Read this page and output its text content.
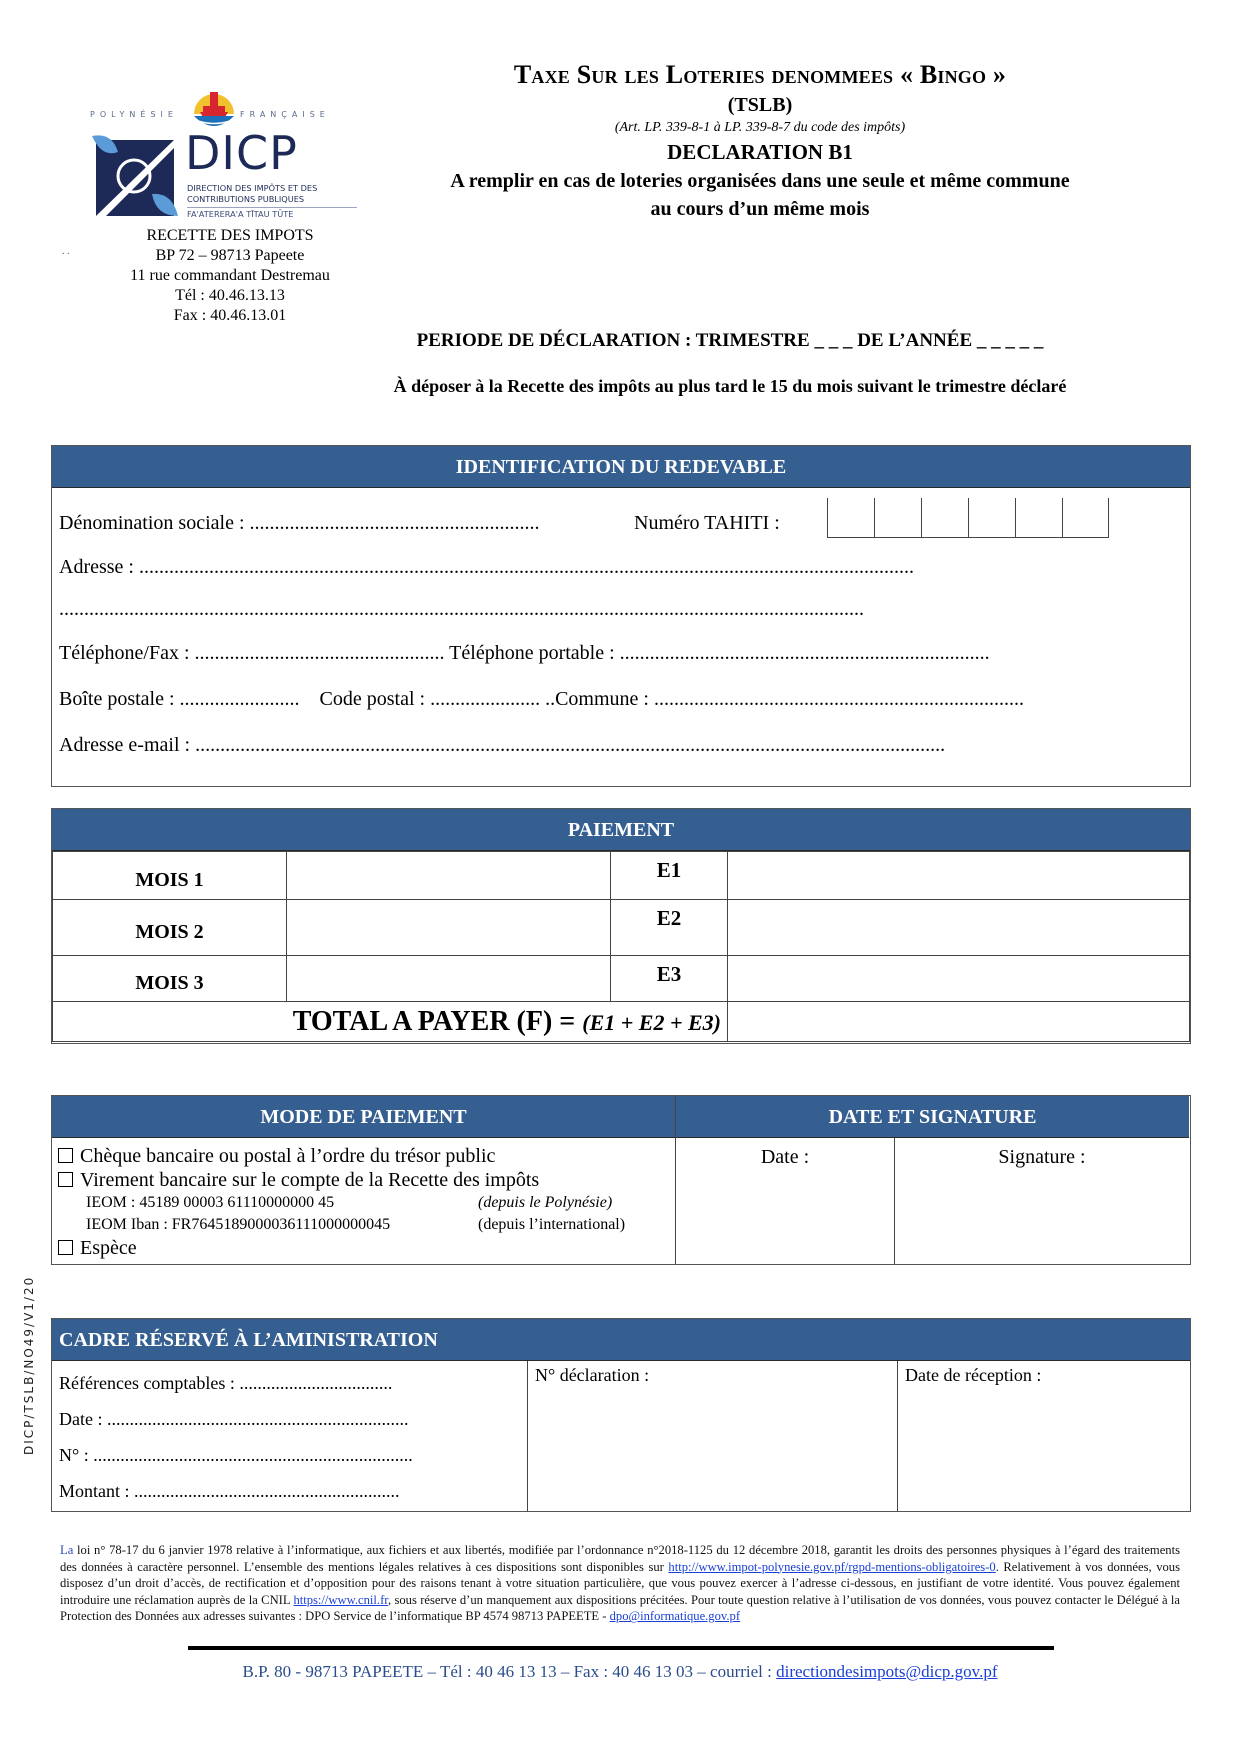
POLYNÉSIE	FRANÇAISE
DICP
DIRECTION DES IMPÔTS ET DES
CONTRIBUTIONS PUBLIQUES
FA'ATERERA'A TĪTAU TŪTE
. .
RECETTE DES IMPOTS
BP 72 – 98713 Papeete
11 rue commandant Destremau
Tél : 40.46.13.13
Fax : 40.46.13.01
Taxe Sur les Loteries denommees « Bingo »
(TSLB)
(Art. LP. 339-8-1 à LP. 339-8-7 du code des impôts)
DECLARATION B1
A remplir en cas de loteries organisées dans une seule et même commune
au cours d’un même mois
PERIODE DE DÉCLARATION : TRIMESTRE _ _ _ DE L’ANNÉE _ _ _ _ _
À déposer à la Recette des impôts au plus tard le 15 du mois suivant le trimestre déclaré
IDENTIFICATION DU REDEVABLE
Dénomination sociale : ..........................................................	Numéro TAHITI :
Adresse : ...........................................................................................................................................................
.................................................................................................................................................................
Téléphone/Fax : .................................................. Téléphone portable : ..........................................................................
Boîte postale : ........................ Code postal : ...................... ..Commune : ..........................................................................
Adresse e-mail : ......................................................................................................................................................
PAIEMENT
MOIS 1		E1	
MOIS 2		E2	
MOIS 3		E3	
TOTAL A PAYER (F) = (E1 + E2 + E3)			
MODE DE PAIEMENT
Chèque bancaire ou postal à l’ordre du trésor public
Virement bancaire sur le compte de la Recette des impôts
IEOM : 45189 00003 61110000000 45	(depuis le Polynésie)
IEOM Iban : FR7645189000036111000000045	(depuis l’international)
Espèce
DATE ET SIGNATURE
Date :	Signature :
CADRE RÉSERVÉ À L’AMINISTRATION
Références comptables : ..................................
Date : ...................................................................
N° : .......................................................................
Montant : ...........................................................
N° déclaration :	Date de réception :
DICP/TSLB/NO49/V1/20
La loi n° 78-17 du 6 janvier 1978 relative à l’informatique, aux fichiers et aux libertés, modifiée par l’ordonnance n°2018-1125 du 12 décembre 2018, garantit les droits des personnes physiques à l’égard des traitements des données à caractère personnel. L’ensemble des mentions légales relatives à ces dispositions sont disponibles sur http://www.impot-polynesie.gov.pf/rgpd-mentions-obligatoires-0. Relativement à vos données, vous disposez d’un droit d’accès, de rectification et d’opposition pour des raisons tenant à votre situation particulière, que vous pouvez exercer à l’adresse ci-dessous, en justifiant de votre identité. Vous pouvez également introduire une réclamation auprès de la CNIL https://www.cnil.fr, sous réserve d’un manquement aux dispositions précitées. Pour toute question relative à l’utilisation de vos données, vous pouvez contacter le Délégué à la Protection des Données aux adresses suivantes : DPO Service de l’informatique BP 4574 98713 PAPEETE - dpo@informatique.gov.pf
B.P. 80 - 98713 PAPEETE – Tél : 40 46 13 13 – Fax : 40 46 13 03 – courriel : directiondesimpots@dicp.gov.pf
